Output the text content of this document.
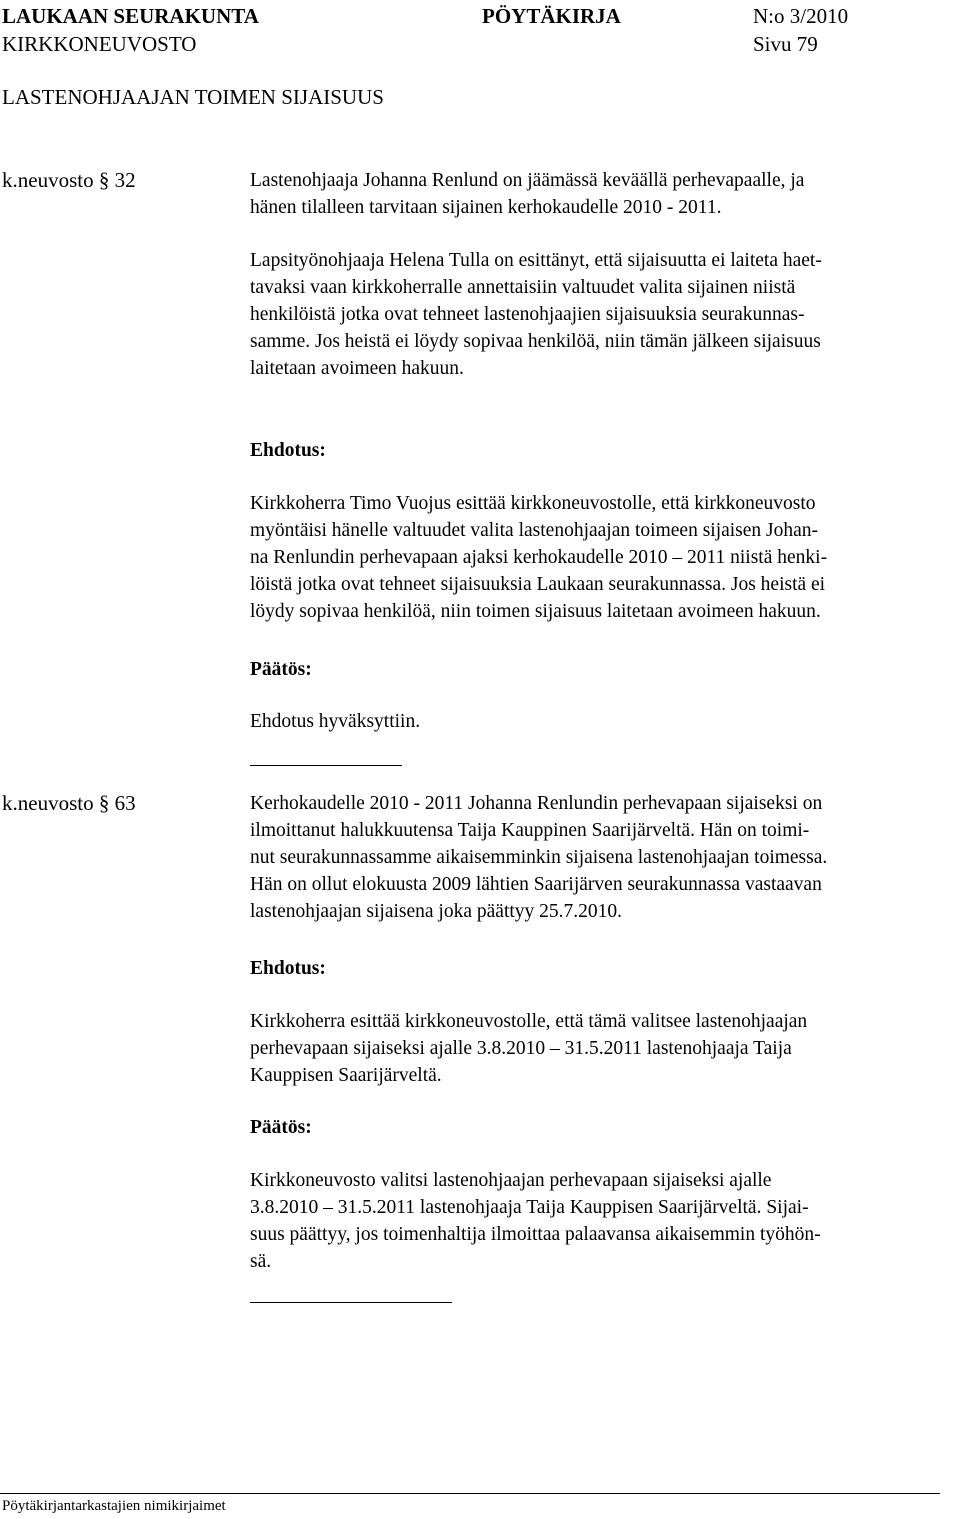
LAUKAAN SEURAKUNTA	PÖYTÄKIRJA	N:o 3/2010
KIRKKONEUVOSTO	Sivu 79
LASTENOHJAAJAN TOIMEN SIJAISUUS
k.neuvosto § 32	Lastenohjaaja Johanna Renlund on jäämässä keväällä perhevapaalle, ja
hänen tilalleen tarvitaan sijainen kerhokaudelle 2010 - 2011.
Lapsityönohjaaja Helena Tulla on esittänyt, että sijaisuutta ei laiteta haet-
tavaksi vaan kirkkoherralle annettaisiin valtuudet valita sijainen niistä
henkilöistä jotka ovat tehneet lastenohjaajien sijaisuuksia seurakunnas-
samme. Jos heistä ei löydy sopivaa henkilöä, niin tämän jälkeen sijaisuus
laitetaan avoimeen hakuun.
Ehdotus:
Kirkkoherra Timo Vuojus esittää kirkkoneuvostolle, että kirkkoneuvosto
myöntäisi hänelle valtuudet valita lastenohjaajan toimeen sijaisen Johan-
na Renlundin perhevapaan ajaksi kerhokaudelle 2010 – 2011 niistä henki-
löistä jotka ovat tehneet sijaisuuksia Laukaan seurakunnassa. Jos heistä ei
löydy sopivaa henkilöä, niin toimen sijaisuus laitetaan avoimeen hakuun.
Päätös:
Ehdotus hyväksyttiin.
k.neuvosto § 63	Kerhokaudelle 2010 - 2011 Johanna Renlundin perhevapaan sijaiseksi on
ilmoittanut halukkuutensa Taija Kauppinen Saarijärveltä. Hän on toimi-
nut seurakunnassamme aikaisemminkin sijaisena lastenohjaajan toimessa.
Hän on ollut elokuusta 2009 lähtien Saarijärven seurakunnassa vastaavan
lastenohjaajan sijaisena joka päättyy 25.7.2010.
Ehdotus:
Kirkkoherra esittää kirkkoneuvostolle, että tämä valitsee lastenohjaajan
perhevapaan sijaiseksi ajalle 3.8.2010 – 31.5.2011 lastenohjaaja Taija
Kauppisen Saarijärveltä.
Päätös:
Kirkkoneuvosto valitsi lastenohjaajan perhevapaan sijaiseksi ajalle
3.8.2010 – 31.5.2011 lastenohjaaja Taija Kauppisen Saarijärveltä. Sijai-
suus päättyy, jos toimenhaltija ilmoittaa palaavansa aikaisemmin työhön-
sä.
Pöytäkirjantarkastajien nimikirjaimet
